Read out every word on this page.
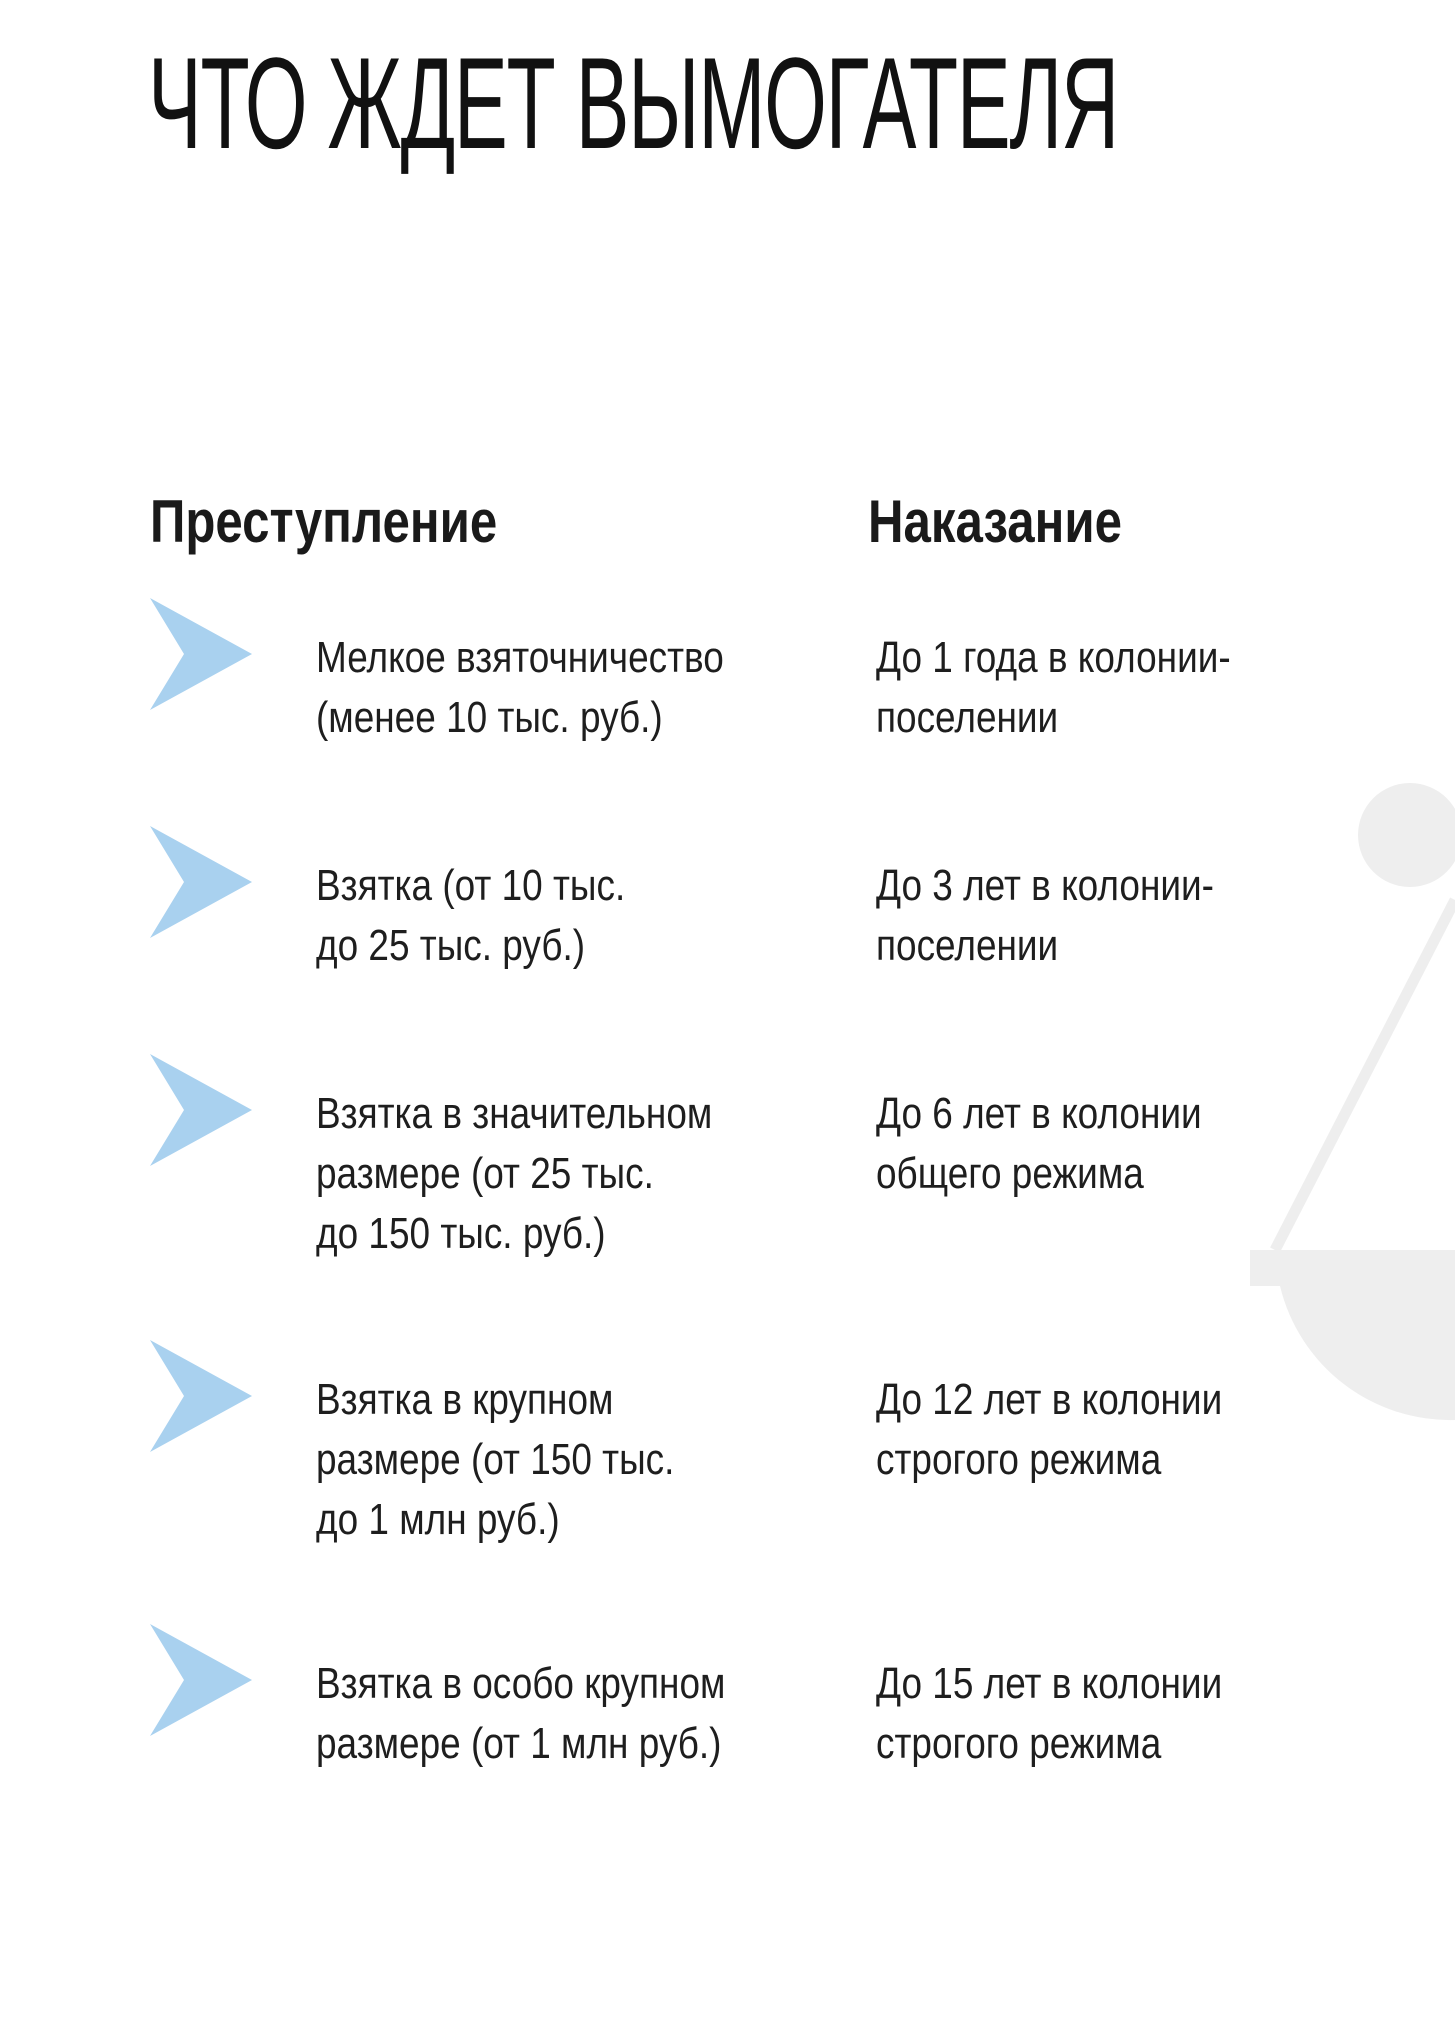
ЧТО ЖДЕТ ВЫМОГАТЕЛЯ
Преступление	Наказание

Мелкое взяточничество
(менее 10 тыс. руб.)

До 1 года в колонии-
поселении

Взятка (от 10 тыс.
до 25 тыс. руб.)

До 3 лет в колонии-
поселении

Взятка в значительном
размере (от 25 тыс.
до 150 тыс. руб.)

До 6 лет в колонии
общего режима

Взятка в крупном
размере (от 150 тыс.
до 1 млн руб.)

До 12 лет в колонии
строгого режима

Взятка в особо крупном
размере (от 1 млн руб.)

До 15 лет в колонии
строгого режима
